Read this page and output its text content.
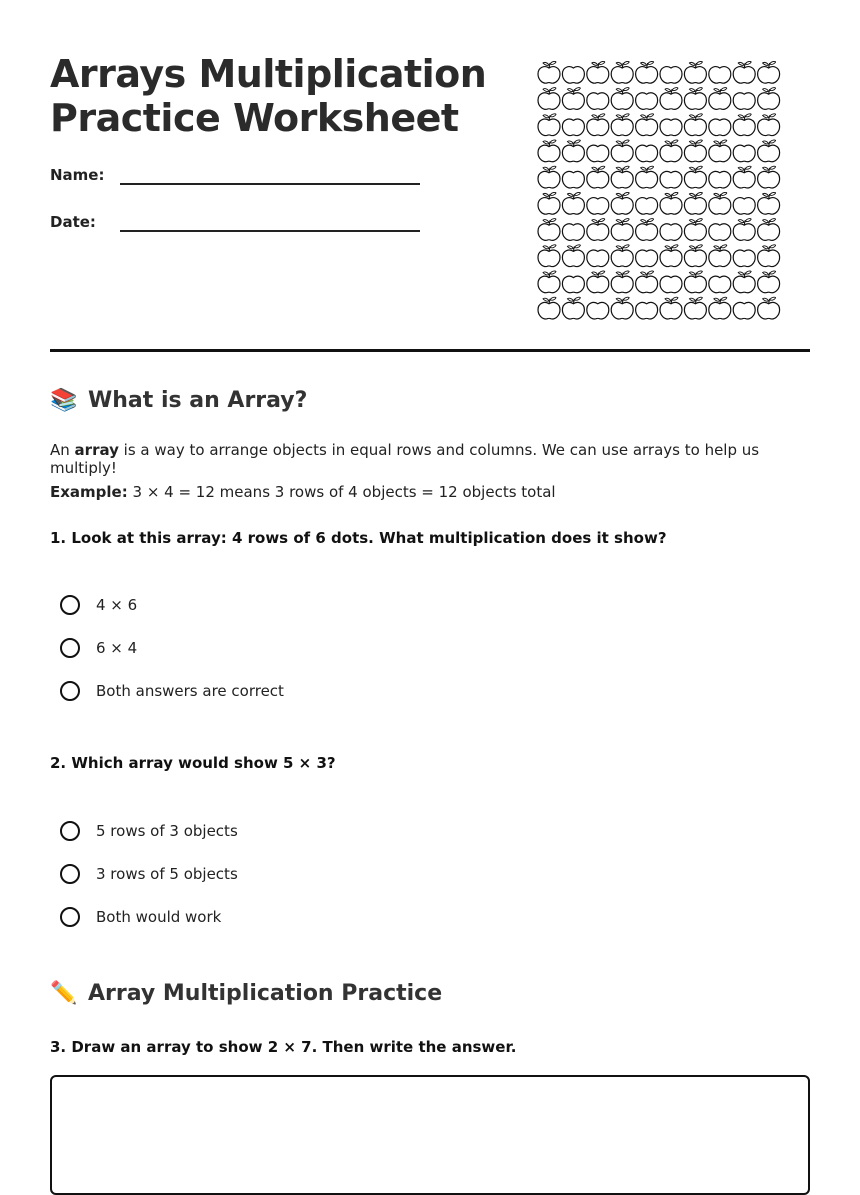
Arrays Multiplication Practice Worksheet
Name:
Date:
📚 What is an Array?

An array is a way to arrange objects in equal rows and columns. We can use arrays to help us multiply!

Example: 3 × 4 = 12 means 3 rows of 4 objects = 12 objects total

1. Look at this array: 4 rows of 6 dots. What multiplication does it show?

4 × 6
6 × 4
Both answers are correct

2. Which array would show 5 × 3?

5 rows of 3 objects
3 rows of 5 objects
Both would work
✏️ Array Multiplication Practice

3. Draw an array to show 2 × 7. Then write the answer.
